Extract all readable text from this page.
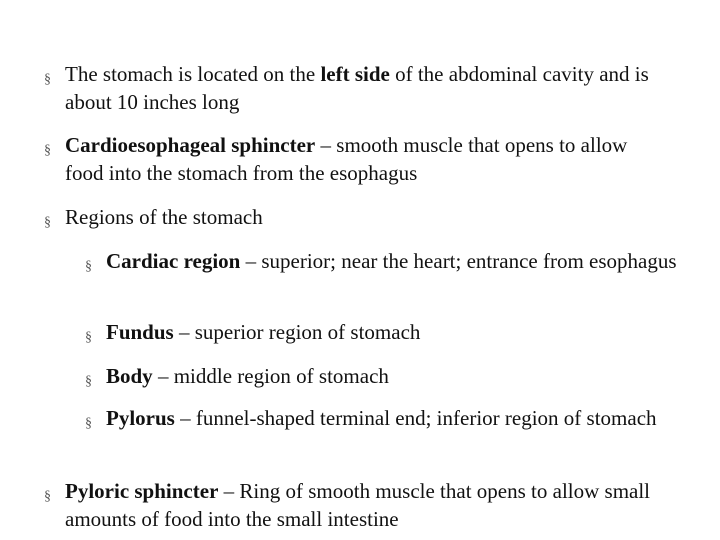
§ The stomach is located on the left side of the abdominal cavity and is about 10 inches long
§ Cardioesophageal sphincter – smooth muscle that opens to allow food into the stomach from the esophagus
§ Regions of the stomach
§ Cardiac region – superior; near the heart; entrance from esophagus
§ Fundus – superior region of stomach
§ Body – middle region of stomach
§ Pylorus – funnel-shaped terminal end; inferior region of stomach
§ Pyloric sphincter – Ring of smooth muscle that opens to allow small amounts of food into the small intestine
